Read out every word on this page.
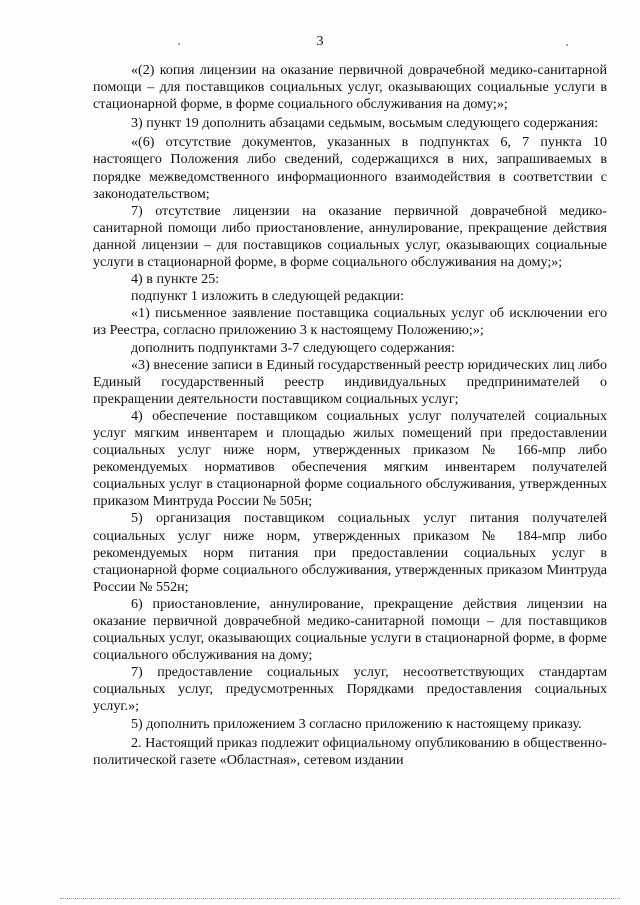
3

«(2) копия лицензии на оказание первичной доврачебной медико-санитарной помощи – для поставщиков социальных услуг, оказывающих социальные услуги в стационарной форме, в форме социального обслуживания на дому;»;

3) пункт 19 дополнить абзацами седьмым, восьмым следующего содержания:

«(6) отсутствие документов, указанных в подпунктах 6, 7 пункта 10 настоящего Положения либо сведений, содержащихся в них, запрашиваемых в порядке межведомственного информационного взаимодействия в соответствии с законодательством;

7) отсутствие лицензии на оказание первичной доврачебной медико-санитарной помощи либо приостановление, аннулирование, прекращение действия данной лицензии – для поставщиков социальных услуг, оказывающих социальные услуги в стационарной форме, в форме социального обслуживания на дому;»;

4) в пункте 25:

подпункт 1 изложить в следующей редакции:

«1) письменное заявление поставщика социальных услуг об исключении его из Реестра, согласно приложению 3 к настоящему Положению;»;

дополнить подпунктами 3-7 следующего содержания:

«3) внесение записи в Единый государственный реестр юридических лиц либо Единый государственный реестр индивидуальных предпринимателей о прекращении деятельности поставщиком социальных услуг;

4) обеспечение поставщиком социальных услуг получателей социальных услуг мягким инвентарем и площадью жилых помещений при предоставлении социальных услуг ниже норм, утвержденных приказом № 166-мпр либо рекомендуемых нормативов обеспечения мягким инвентарем получателей социальных услуг в стационарной форме социального обслуживания, утвержденных приказом Минтруда России № 505н;

5) организация поставщиком социальных услуг питания получателей социальных услуг ниже норм, утвержденных приказом № 184-мпр либо рекомендуемых норм питания при предоставлении социальных услуг в стационарной форме социального обслуживания, утвержденных приказом Минтруда России № 552н;

6) приостановление, аннулирование, прекращение действия лицензии на оказание первичной доврачебной медико-санитарной помощи – для поставщиков социальных услуг, оказывающих социальные услуги в стационарной форме, в форме социального обслуживания на дому;

7) предоставление социальных услуг, несоответствующих стандартам социальных услуг, предусмотренных Порядками предоставления социальных услуг.»;

5) дополнить приложением 3 согласно приложению к настоящему приказу.

2. Настоящий приказ подлежит официальному опубликованию в общественно-политической газете «Областная», сетевом издании
